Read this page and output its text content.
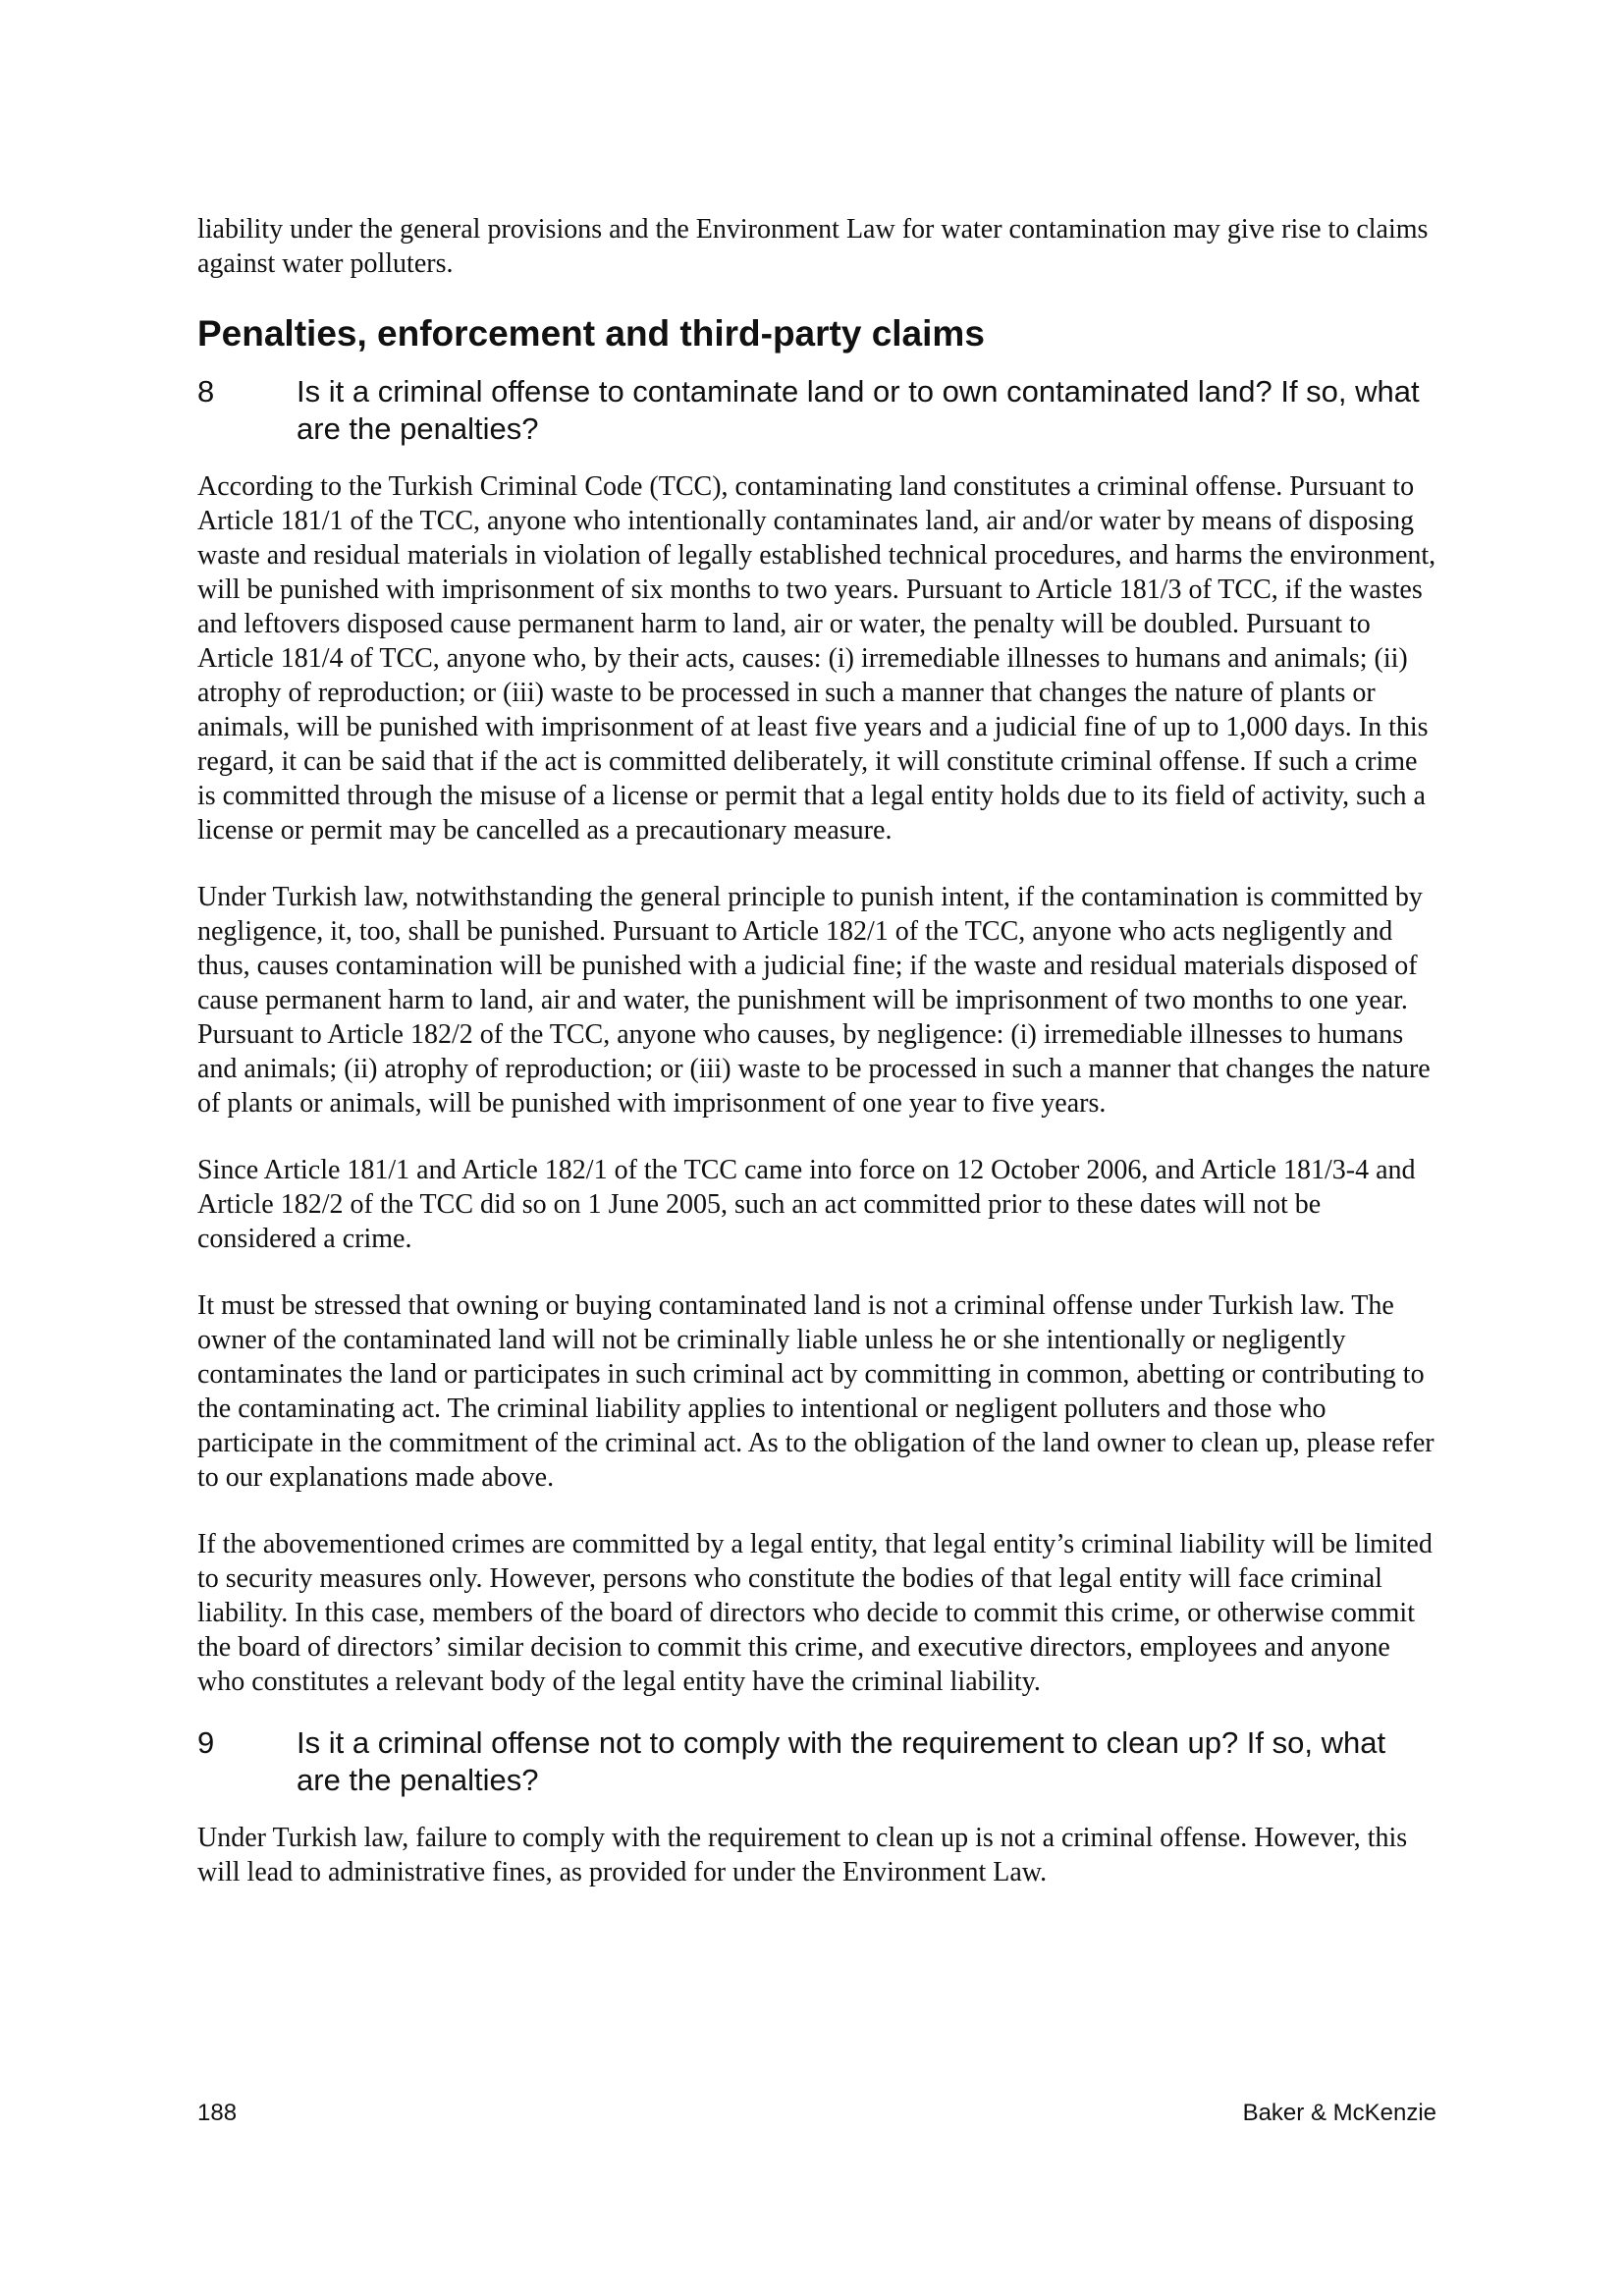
liability under the general provisions and the Environment Law for water contamination may give rise to claims against water polluters.

Penalties, enforcement and third-party claims
8	Is it a criminal offense to contaminate land or to own contaminated land? If so, what are the penalties?

According to the Turkish Criminal Code (TCC), contaminating land constitutes a criminal offense. Pursuant to Article 181/1 of the TCC, anyone who intentionally contaminates land, air and/or water by means of disposing waste and residual materials in violation of legally established technical procedures, and harms the environment, will be punished with imprisonment of six months to two years. Pursuant to Article 181/3 of TCC, if the wastes and leftovers disposed cause permanent harm to land, air or water, the penalty will be doubled. Pursuant to Article 181/4 of TCC, anyone who, by their acts, causes: (i) irremediable illnesses to humans and animals; (ii) atrophy of reproduction; or (iii) waste to be processed in such a manner that changes the nature of plants or animals, will be punished with imprisonment of at least five years and a judicial fine of up to 1,000 days. In this regard, it can be said that if the act is committed deliberately, it will constitute criminal offense. If such a crime is committed through the misuse of a license or permit that a legal entity holds due to its field of activity, such a license or permit may be cancelled as a precautionary measure.

Under Turkish law, notwithstanding the general principle to punish intent, if the contamination is committed by negligence, it, too, shall be punished. Pursuant to Article 182/1 of the TCC, anyone who acts negligently and thus, causes contamination will be punished with a judicial fine; if the waste and residual materials disposed of cause permanent harm to land, air and water, the punishment will be imprisonment of two months to one year. Pursuant to Article 182/2 of the TCC, anyone who causes, by negligence: (i) irremediable illnesses to humans and animals; (ii) atrophy of reproduction; or (iii) waste to be processed in such a manner that changes the nature of plants or animals, will be punished with imprisonment of one year to five years.

Since Article 181/1 and Article 182/1 of the TCC came into force on 12 October 2006, and Article 181/3-4 and Article 182/2 of the TCC did so on 1 June 2005, such an act committed prior to these dates will not be considered a crime.

It must be stressed that owning or buying contaminated land is not a criminal offense under Turkish law. The owner of the contaminated land will not be criminally liable unless he or she intentionally or negligently contaminates the land or participates in such criminal act by committing in common, abetting or contributing to the contaminating act. The criminal liability applies to intentional or negligent polluters and those who participate in the commitment of the criminal act. As to the obligation of the land owner to clean up, please refer to our explanations made above.

If the abovementioned crimes are committed by a legal entity, that legal entity’s criminal liability will be limited to security measures only. However, persons who constitute the bodies of that legal entity will face criminal liability. In this case, members of the board of directors who decide to commit this crime, or otherwise commit the board of directors’ similar decision to commit this crime, and executive directors, employees and anyone who constitutes a relevant body of the legal entity have the criminal liability.

9	Is it a criminal offense not to comply with the requirement to clean up? If so, what are the penalties?

Under Turkish law, failure to comply with the requirement to clean up is not a criminal offense. However, this will lead to administrative fines, as provided for under the Environment Law.

188	Baker & McKenzie
